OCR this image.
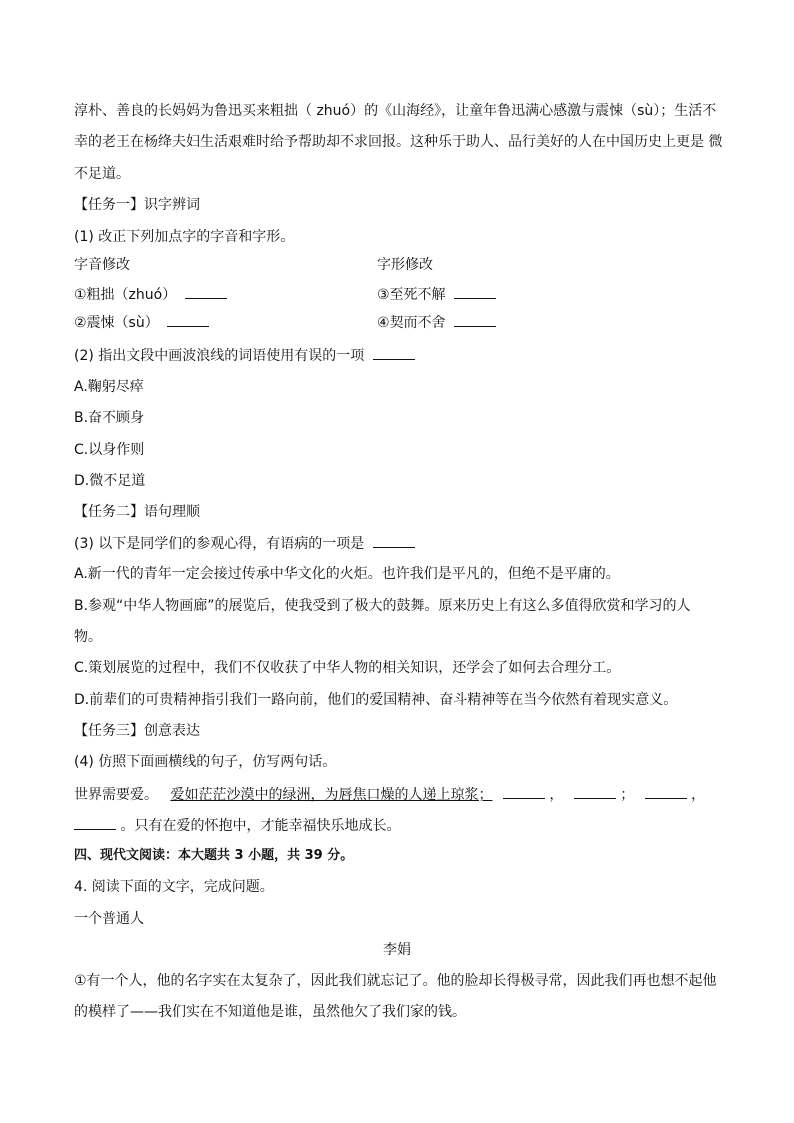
淳朴、善良的长妈妈为鲁迅买来粗拙（ zhuó）的《山海经》，让童年鲁迅满心感激与震悚（sù）；生活不
幸的老王在杨绛夫妇生活艰难时给予帮助却不求回报。这种乐于助人、品行美好的人在中国历史上更是 微
不足道。
【任务一】识字辨词
(1) 改正下列加点字的字音和字形。
字音修改	字形修改
①粗拙（zhuó）	③至死不解
②震悚（sù）	④契而不舍
(2) 指出文段中画波浪线的词语使用有误的一项
A.鞠躬尽瘁
B.奋不顾身
C.以身作则
D.微不足道
【任务二】语句理顺
(3) 以下是同学们的参观心得，有语病的一项是
A.新一代的青年一定会接过传承中华文化的火炬。也许我们是平凡的，但绝不是平庸的。
B.参观“中华人物画廊”的展览后，使我受到了极大的鼓舞。原来历史上有这么多值得欣赏和学习的人
物。
C.策划展览的过程中，我们不仅收获了中华人物的相关知识，还学会了如何去合理分工。
D.前辈们的可贵精神指引我们一路向前，他们的爱国精神、奋斗精神等在当今依然有着现实意义。
【任务三】创意表达
(4) 仿照下面画横线的句子，仿写两句话。
世界需要爱。 爱如茫茫沙漠中的绿洲，为唇焦口燥的人递上琼浆；	，	；	，
。只有在爱的怀抱中，才能幸福快乐地成长。
四、现代文阅读：本大题共 3 小题，共 39 分。
4. 阅读下面的文字，完成问题。
一个普通人
李娟
①有一个人，他的名字实在太复杂了，因此我们就忘记了。他的脸却长得极寻常，因此我们再也想不起他
的模样了——我们实在不知道他是谁，虽然他欠了我们家的钱。
